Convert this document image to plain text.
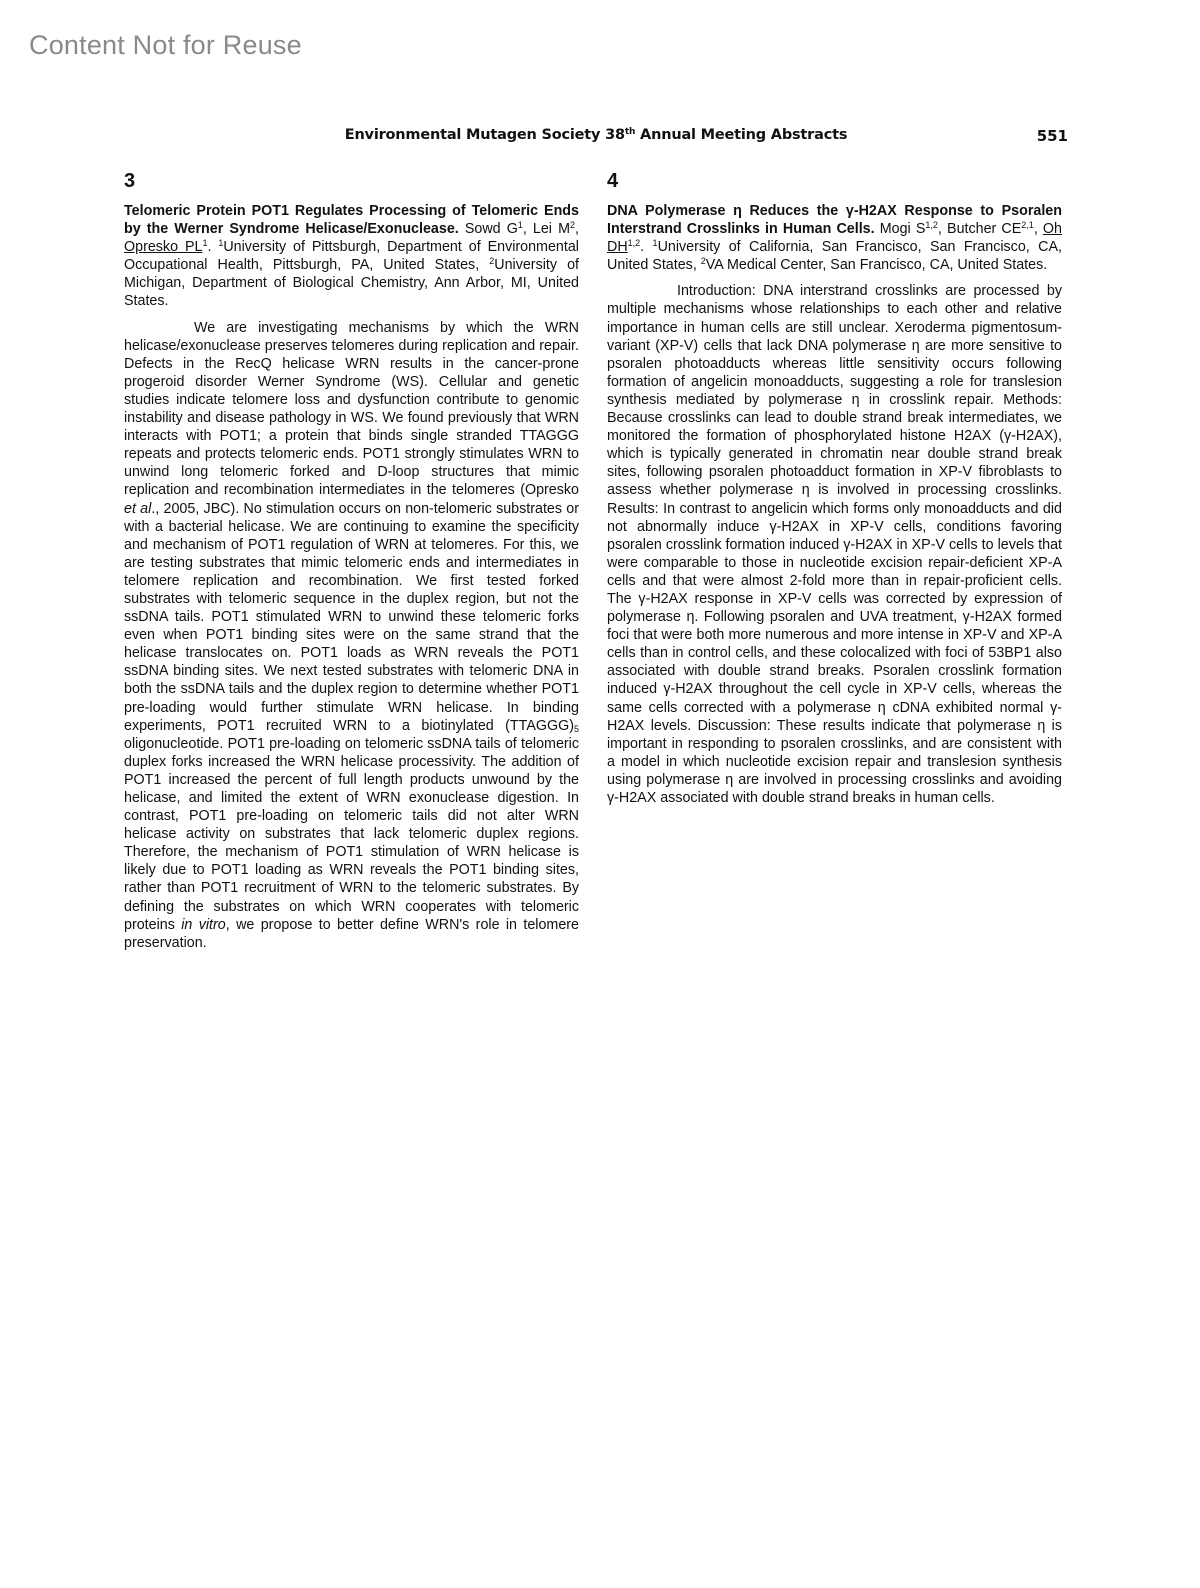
Content Not for Reuse
Environmental Mutagen Society 38th Annual Meeting Abstracts	551
3

Telomeric Protein POT1 Regulates Processing of Telomeric Ends by the Werner Syndrome Helicase/Exonuclease. Sowd $G^1$, Lei $M^2$, Opresko $PL^1$. $^1$University of Pittsburgh, Department of Environmental Occupational Health, Pittsburgh, PA, United States, $^2$University of Michigan, Department of Biological Chemistry, Ann Arbor, MI, United States.

We are investigating mechanisms by which the WRN helicase/exonuclease preserves telomeres during replication and repair. Defects in the RecQ helicase WRN results in the cancer-prone progeroid disorder Werner Syndrome (WS). Cellular and genetic studies indicate telomere loss and dysfunction contribute to genomic instability and disease pathology in WS. We found previously that WRN interacts with POT1; a protein that binds single stranded TTAGGG repeats and protects telomeric ends. POT1 strongly stimulates WRN to unwind long telomeric forked and D-loop structures that mimic replication and recombination intermediates in the telomeres (Opresko et al., 2005, JBC). No stimulation occurs on non-telomeric substrates or with a bacterial helicase. We are continuing to examine the specificity and mechanism of POT1 regulation of WRN at telomeres. For this, we are testing substrates that mimic telomeric ends and intermediates in telomere replication and recombination. We first tested forked substrates with telomeric sequence in the duplex region, but not the ssDNA tails. POT1 stimulated WRN to unwind these telomeric forks even when POT1 binding sites were on the same strand that the helicase translocates on. POT1 loads as WRN reveals the POT1 ssDNA binding sites. We next tested substrates with telomeric DNA in both the ssDNA tails and the duplex region to determine whether POT1 pre-loading would further stimulate WRN helicase. In binding experiments, POT1 recruited WRN to a biotinylated $(TTAGGG)_5$ oligonucleotide. POT1 pre-loading on telomeric ssDNA tails of telomeric duplex forks increased the WRN helicase processivity. The addition of POT1 increased the percent of full length products unwound by the helicase, and limited the extent of WRN exonuclease digestion. In contrast, POT1 pre-loading on telomeric tails did not alter WRN helicase activity on substrates that lack telomeric duplex regions. Therefore, the mechanism of POT1 stimulation of WRN helicase is likely due to POT1 loading as WRN reveals the POT1 binding sites, rather than POT1 recruitment of WRN to the telomeric substrates. By defining the substrates on which WRN cooperates with telomeric proteins in vitro, we propose to better define WRN's role in telomere preservation.

4

DNA Polymerase η Reduces the γ-H2AX Response to Psoralen Interstrand Crosslinks in Human Cells. Mogi S$^{1,2}$, Butcher CE$^{2,1}$, Oh DH$^{1,2}$. $^1$University of California, San Francisco, San Francisco, CA, United States, $^2$VA Medical Center, San Francisco, CA, United States.

Introduction: DNA interstrand crosslinks are processed by multiple mechanisms whose relationships to each other and relative importance in human cells are still unclear. Xeroderma pigmentosum-variant (XP-V) cells that lack DNA polymerase η are more sensitive to psoralen photoadducts whereas little sensitivity occurs following formation of angelicin monoadducts, suggesting a role for translesion synthesis mediated by polymerase η in crosslink repair. Methods: Because crosslinks can lead to double strand break intermediates, we monitored the formation of phosphorylated histone H2AX (γ-H2AX), which is typically generated in chromatin near double strand break sites, following psoralen photoadduct formation in XP-V fibroblasts to assess whether polymerase η is involved in processing crosslinks. Results: In contrast to angelicin which forms only monoadducts and did not abnormally induce γ-H2AX in XP-V cells, conditions favoring psoralen crosslink formation induced γ-H2AX in XP-V cells to levels that were comparable to those in nucleotide excision repair-deficient XP-A cells and that were almost 2-fold more than in repair-proficient cells. The γ-H2AX response in XP-V cells was corrected by expression of polymerase η. Following psoralen and UVA treatment, γ-H2AX formed foci that were both more numerous and more intense in XP-V and XP-A cells than in control cells, and these colocalized with foci of 53BP1 also associated with double strand breaks. Psoralen crosslink formation induced γ-H2AX throughout the cell cycle in XP-V cells, whereas the same cells corrected with a polymerase η cDNA exhibited normal γ-H2AX levels. Discussion: These results indicate that polymerase η is important in responding to psoralen crosslinks, and are consistent with a model in which nucleotide excision repair and translesion synthesis using polymerase η are involved in processing crosslinks and avoiding γ-H2AX associated with double strand breaks in human cells.
